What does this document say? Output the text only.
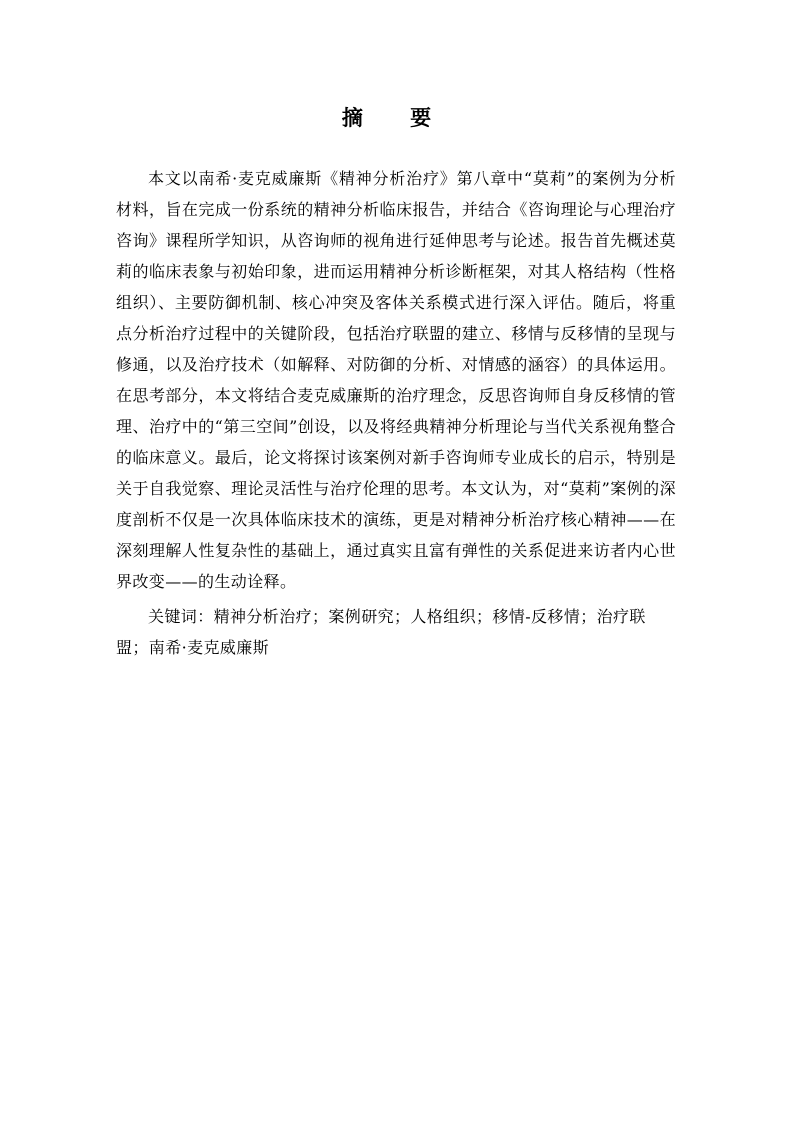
摘 要

本文以南希·麦克威廉斯《精神分析治疗》第八章中“莫莉”的案例为分析材料，旨在完成一份系统的精神分析临床报告，并结合《咨询理论与心理治疗咨询》课程所学知识，从咨询师的视角进行延伸思考与论述。报告首先概述莫莉的临床表象与初始印象，进而运用精神分析诊断框架，对其人格结构（性格组织）、主要防御机制、核心冲突及客体关系模式进行深入评估。随后，将重点分析治疗过程中的关键阶段，包括治疗联盟的建立、移情与反移情的呈现与修通，以及治疗技术（如解释、对防御的分析、对情感的涵容）的具体运用。在思考部分，本文将结合麦克威廉斯的治疗理念，反思咨询师自身反移情的管理、治疗中的“第三空间”创设，以及将经典精神分析理论与当代关系视角整合的临床意义。最后，论文将探讨该案例对新手咨询师专业成长的启示，特别是关于自我觉察、理论灵活性与治疗伦理的思考。本文认为，对“莫莉”案例的深度剖析不仅是一次具体临床技术的演练，更是对精神分析治疗核心精神——在深刻理解人性复杂性的基础上，通过真实且富有弹性的关系促进来访者内心世界改变——的生动诠释。

关键词：精神分析治疗；案例研究；人格组织；移情-反移情；治疗联盟；南希·麦克威廉斯
